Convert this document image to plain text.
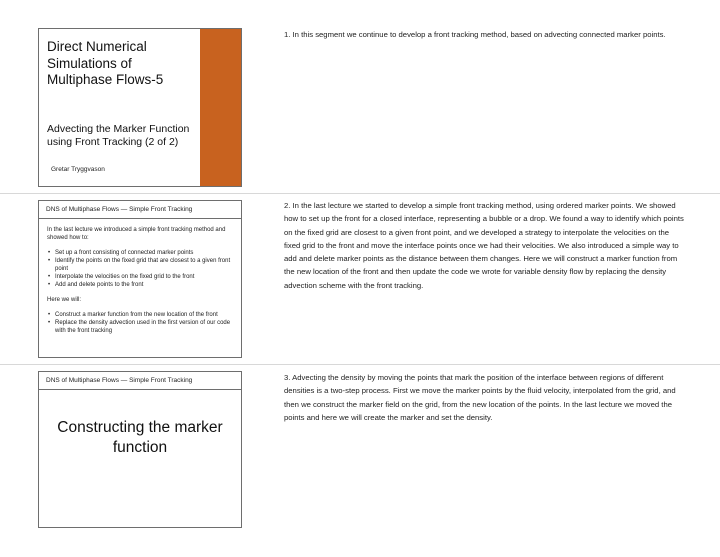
Direct Numerical Simulations of Multiphase Flows-5
Advecting the Marker Function using Front Tracking (2 of 2)
Gretar Tryggvason
DNS of Multiphase Flows — Simple Front Tracking

In the last lecture we introduced a simple front tracking method and showed how to:

• Set up a front consisting of connected marker points
• Identify the points on the fixed grid that are closest to a given front point
• Interpolate the velocities on the fixed grid to the front
• Add and delete points to the front

Here we will:

• Construct a marker function from the new location of the front
• Replace the density advection used in the first version of our code with the front tracking
DNS of Multiphase Flows — Simple Front Tracking
Constructing the marker function
1. In this segment we continue to develop a front tracking method, based on advecting connected marker points.
2. In the last lecture we started to develop a simple front tracking method, using ordered marker points. We showed how to set up the front for a closed interface, representing a bubble or a drop. We found a way to identify which points on the fixed grid are closest to a given front point, and we developed a strategy to interpolate the velocities on the fixed grid to the front and move the interface points once we had their velocities. We also introduced a simple way to add and delete marker points as the distance between them changes. Here we will construct a marker function from the new location of the front and then update the code we wrote for variable density flow by replacing the density advection scheme with the front tracking.
3. Advecting the density by moving the points that mark the position of the interface between regions of different densities is a two-step process. First we move the marker points by the fluid velocity, interpolated from the grid, and then we construct the marker field on the grid, from the new location of the points. In the last lecture we moved the points and here we will create the marker and set the density.
